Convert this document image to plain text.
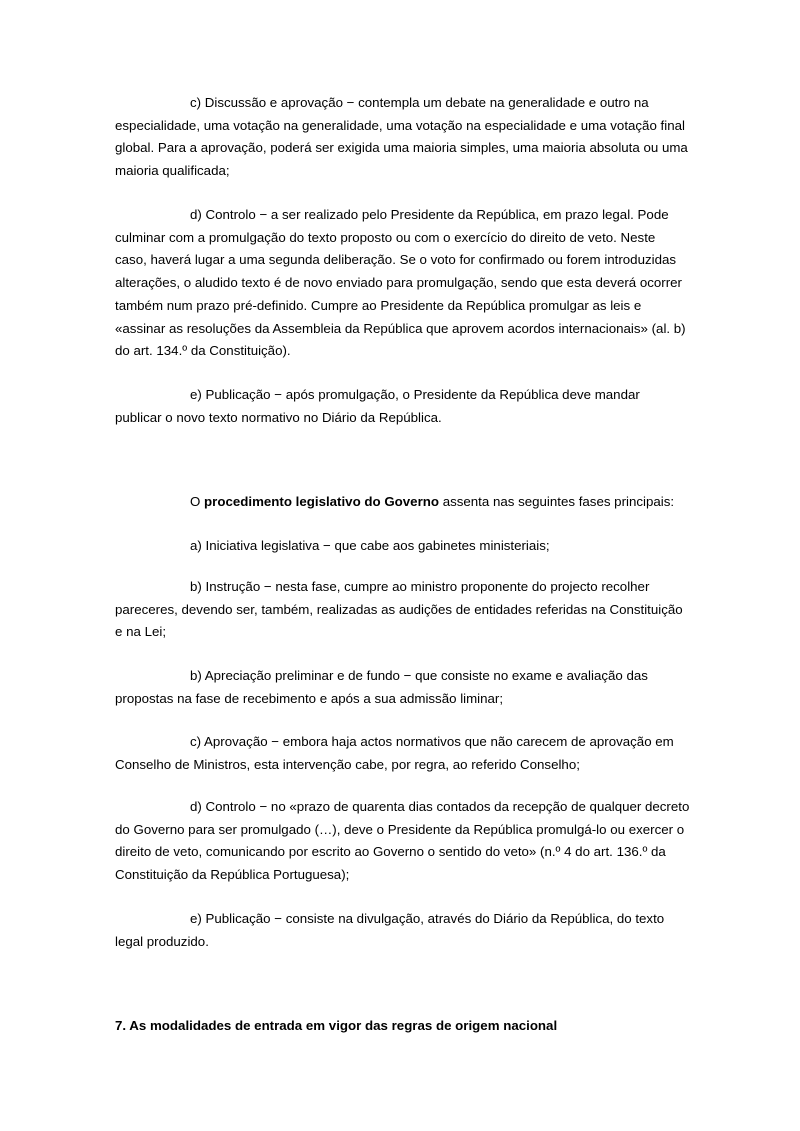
c) Discussão e aprovação − contempla um debate na generalidade e outro na especialidade, uma votação na generalidade, uma votação na especialidade e uma votação final global. Para a aprovação, poderá ser exigida uma maioria simples, uma maioria absoluta ou uma maioria qualificada;

d) Controlo − a ser realizado pelo Presidente da República, em prazo legal. Pode culminar com a promulgação do texto proposto ou com o exercício do direito de veto. Neste caso, haverá lugar a uma segunda deliberação. Se o voto for confirmado ou forem introduzidas alterações, o aludido texto é de novo enviado para promulgação, sendo que esta deverá ocorrer também num prazo pré-definido. Cumpre ao Presidente da República promulgar as leis e «assinar as resoluções da Assembleia da República que aprovem acordos internacionais» (al. b) do art. 134.º da Constituição).

e) Publicação − após promulgação, o Presidente da República deve mandar publicar o novo texto normativo no Diário da República.

O procedimento legislativo do Governo assenta nas seguintes fases principais:

a) Iniciativa legislativa − que cabe aos gabinetes ministeriais;

b) Instrução − nesta fase, cumpre ao ministro proponente do projecto recolher pareceres, devendo ser, também, realizadas as audições de entidades referidas na Constituição e na Lei;

b) Apreciação preliminar e de fundo − que consiste no exame e avaliação das propostas na fase de recebimento e após a sua admissão liminar;

c) Aprovação − embora haja actos normativos que não carecem de aprovação em Conselho de Ministros, esta intervenção cabe, por regra, ao referido Conselho;

d) Controlo − no «prazo de quarenta dias contados da recepção de qualquer decreto do Governo para ser promulgado (…), deve o Presidente da República promulgá-lo ou exercer o direito de veto, comunicando por escrito ao Governo o sentido do veto» (n.º 4 do art. 136.º da Constituição da República Portuguesa);

e) Publicação − consiste na divulgação, através do Diário da República, do texto legal produzido.

7. As modalidades de entrada em vigor das regras de origem nacional
